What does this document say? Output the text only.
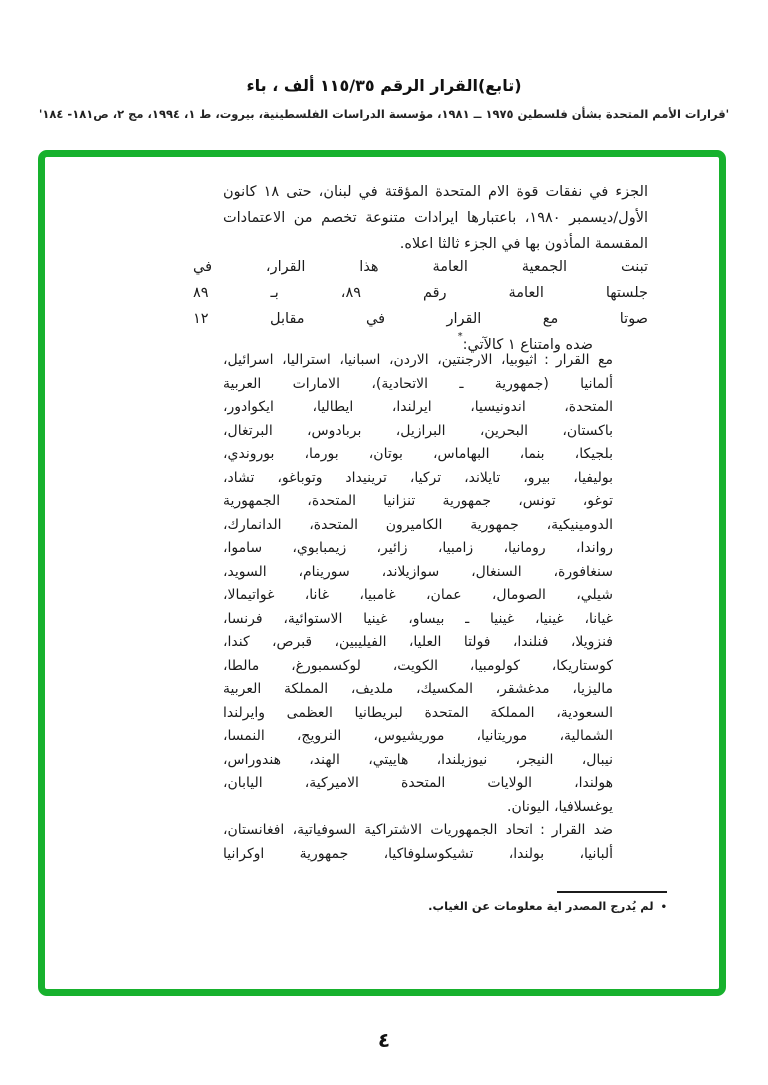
(تابع)القرار الرقم ١١٥/٣٥ ألف ، باء
'قرارات الأمم المتحدة بشأن فلسطين ١٩٧٥ ــ ١٩٨١، مؤسسة الدراسات الفلسطينية، بيروت، ط ١، ١٩٩٤، مج ٢، ص١٨١- ١٨٤'
الجزء في نفقات قوة الام المتحدة المؤقتة في لبنان، حتى ١٨ كانون
الأول/ديسمبر ١٩٨٠، باعتبارها ايرادات متنوعة تخصم من الاعتمادات
المقسمة المأذون بها في الجزء ثالثا اعلاه.
تبنت الجمعية العامة هذا القرار، في
جلستها العامة رقم ٨٩، بـ ٨٩
صوتا مع القرار في مقابل ١٢
ضده وامتناع ١ كالآتي:*
مع القرار:اثيوبيا، الارجنتين، الاردن، اسبانيا، استراليا، اسرائيل،
ألمانيا (جمهورية ـ الاتحادية)، الامارات العربية
المتحدة، اندونيسيا، ايرلندا، ايطاليا، ايكوادور،
باكستان، البحرين، البرازيل، بربادوس، البرتغال،
بلجيكا، بنما، البهاماس، بوتان، بورما، بوروندي،
بوليفيا، بيرو، تايلاند، تركيا، ترينيداد وتوباغو، تشاد،
توغو، تونس، جمهورية تنزانيا المتحدة، الجمهورية
الدومينيكية، جمهورية الكاميرون المتحدة، الدانمارك،
رواندا، رومانيا، زامبيا، زائير، زيمبابوي، ساموا،
سنغافورة، السنغال، سوازيلاند، سورينام، السويد،
شيلي، الصومال، عمان، غامبيا، غانا، غواتيمالا،
غيانا، غينيا، غينيا ـ بيساو، غينيا الاستوائية، فرنسا،
فنزويلا، فنلندا، فولتا العليا، الفيليبين، قبرص، كندا،
كوستاريكا، كولومبيا، الكويت، لوكسمبورغ، مالطا،
ماليزيا، مدغشقر، المكسيك، ملديف، المملكة العربية
السعودية، المملكة المتحدة لبريطانيا العظمى وايرلندا
الشمالية، موريتانيا، موريشيوس، النرويج، النمسا،
نيبال، النيجر، نيوزيلندا، هاييتي، الهند، هندوراس،
هولندا، الولايات المتحدة الاميركية، اليابان،
يوغسلافيا، اليونان.
ضد القرار:اتحاد الجمهوريات الاشتراكية السوفياتية، افغانستان،
ألبانيا، بولندا، تشيكوسلوفاكيا، جمهورية اوكرانيا
•لم يُدرج المصدر اية معلومات عن الغياب.
٤
